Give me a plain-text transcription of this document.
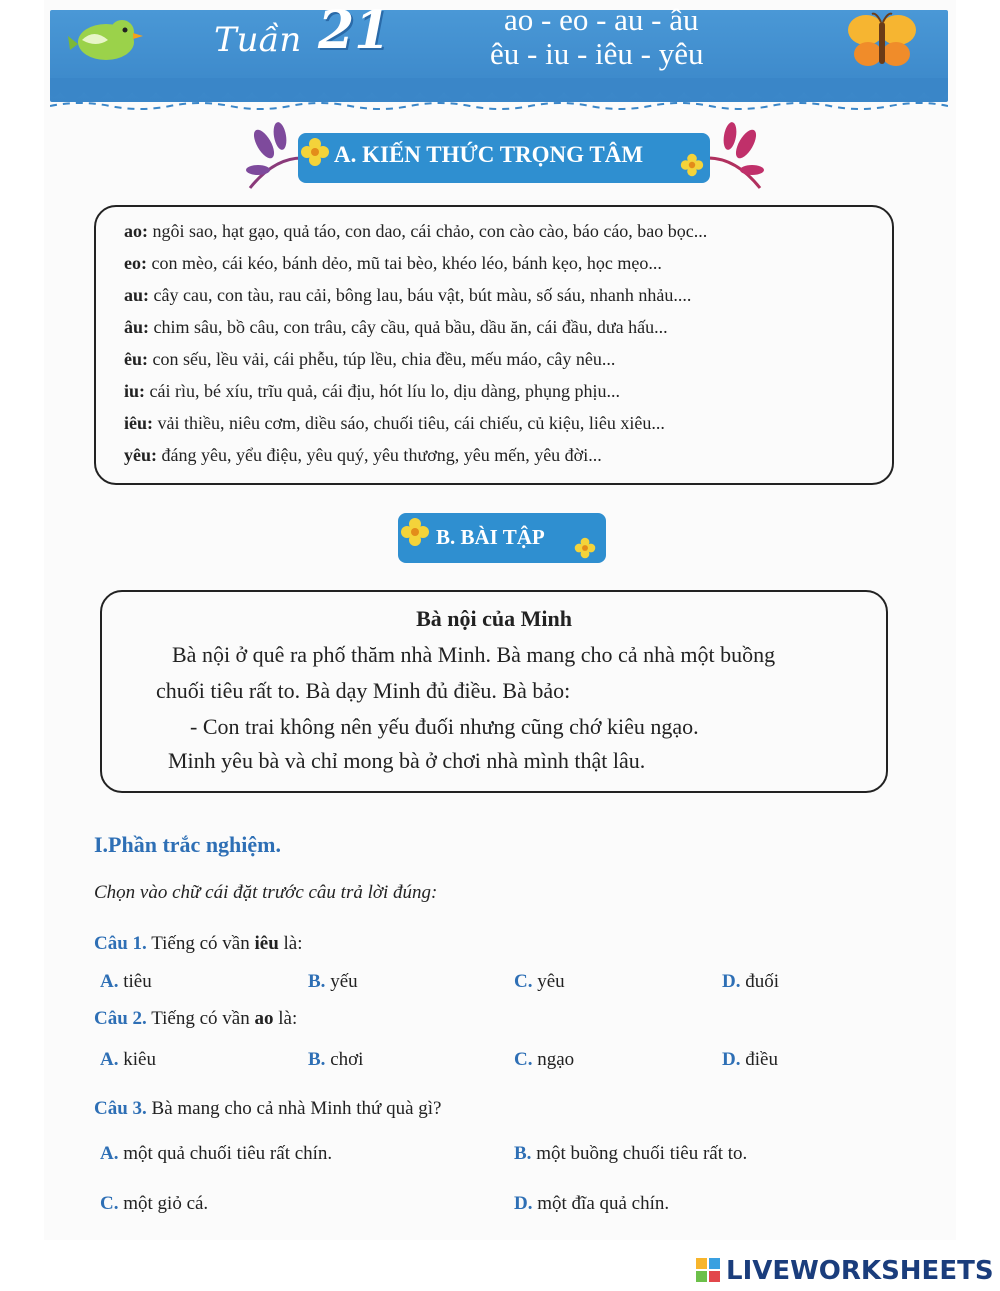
Tuần 21	ao - eo - au - âu
êu - iu - iêu - yêu
A. KIẾN THỨC TRỌNG TÂM
ao: ngôi sao, hạt gạo, quả táo, con dao, cái chảo, con cào cào, báo cáo, bao bọc...
eo: con mèo, cái kéo, bánh dẻo, mũ tai bèo, khéo léo, bánh kẹo, học mẹo...
au: cây cau, con tàu, rau cải, bông lau, báu vật, bút màu, số sáu, nhanh nhảu....
âu: chim sâu, bồ câu, con trâu, cây cầu, quả bầu, dầu ăn, cái đầu, dưa hấu...
êu: con sếu, lều vải, cái phễu, túp lều, chia đều, mếu máo, cây nêu...
iu: cái rìu, bé xíu, trĩu quả, cái địu, hót líu lo, dịu dàng, phụng phịu...
iêu: vải thiều, niêu cơm, diều sáo, chuối tiêu, cái chiếu, củ kiệu, liêu xiêu...
yêu: đáng yêu, yểu điệu, yêu quý, yêu thương, yêu mến, yêu đời...
B. BÀI TẬP
Bà nội của Minh
Bà nội ở quê ra phố thăm nhà Minh. Bà mang cho cả nhà một buồng
chuối tiêu rất to. Bà dạy Minh đủ điều. Bà bảo:
- Con trai không nên yếu đuối nhưng cũng chớ kiêu ngạo.
Minh yêu bà và chỉ mong bà ở chơi nhà mình thật lâu.
I.Phần trắc nghiệm.
Chọn vào chữ cái đặt trước câu trả lời đúng:
Câu 1. Tiếng có vần iêu là:
A. tiêu	B. yếu	C. yêu	D. đuối
Câu 2. Tiếng có vần ao là:
A. kiêu	B. chơi	C. ngạo	D. điều
Câu 3. Bà mang cho cả nhà Minh thứ quà gì?
A. một quả chuối tiêu rất chín.	B. một buồng chuối tiêu rất to.
C. một giỏ cá.	D. một đĩa quả chín.
LIVEWORKSHEETS
